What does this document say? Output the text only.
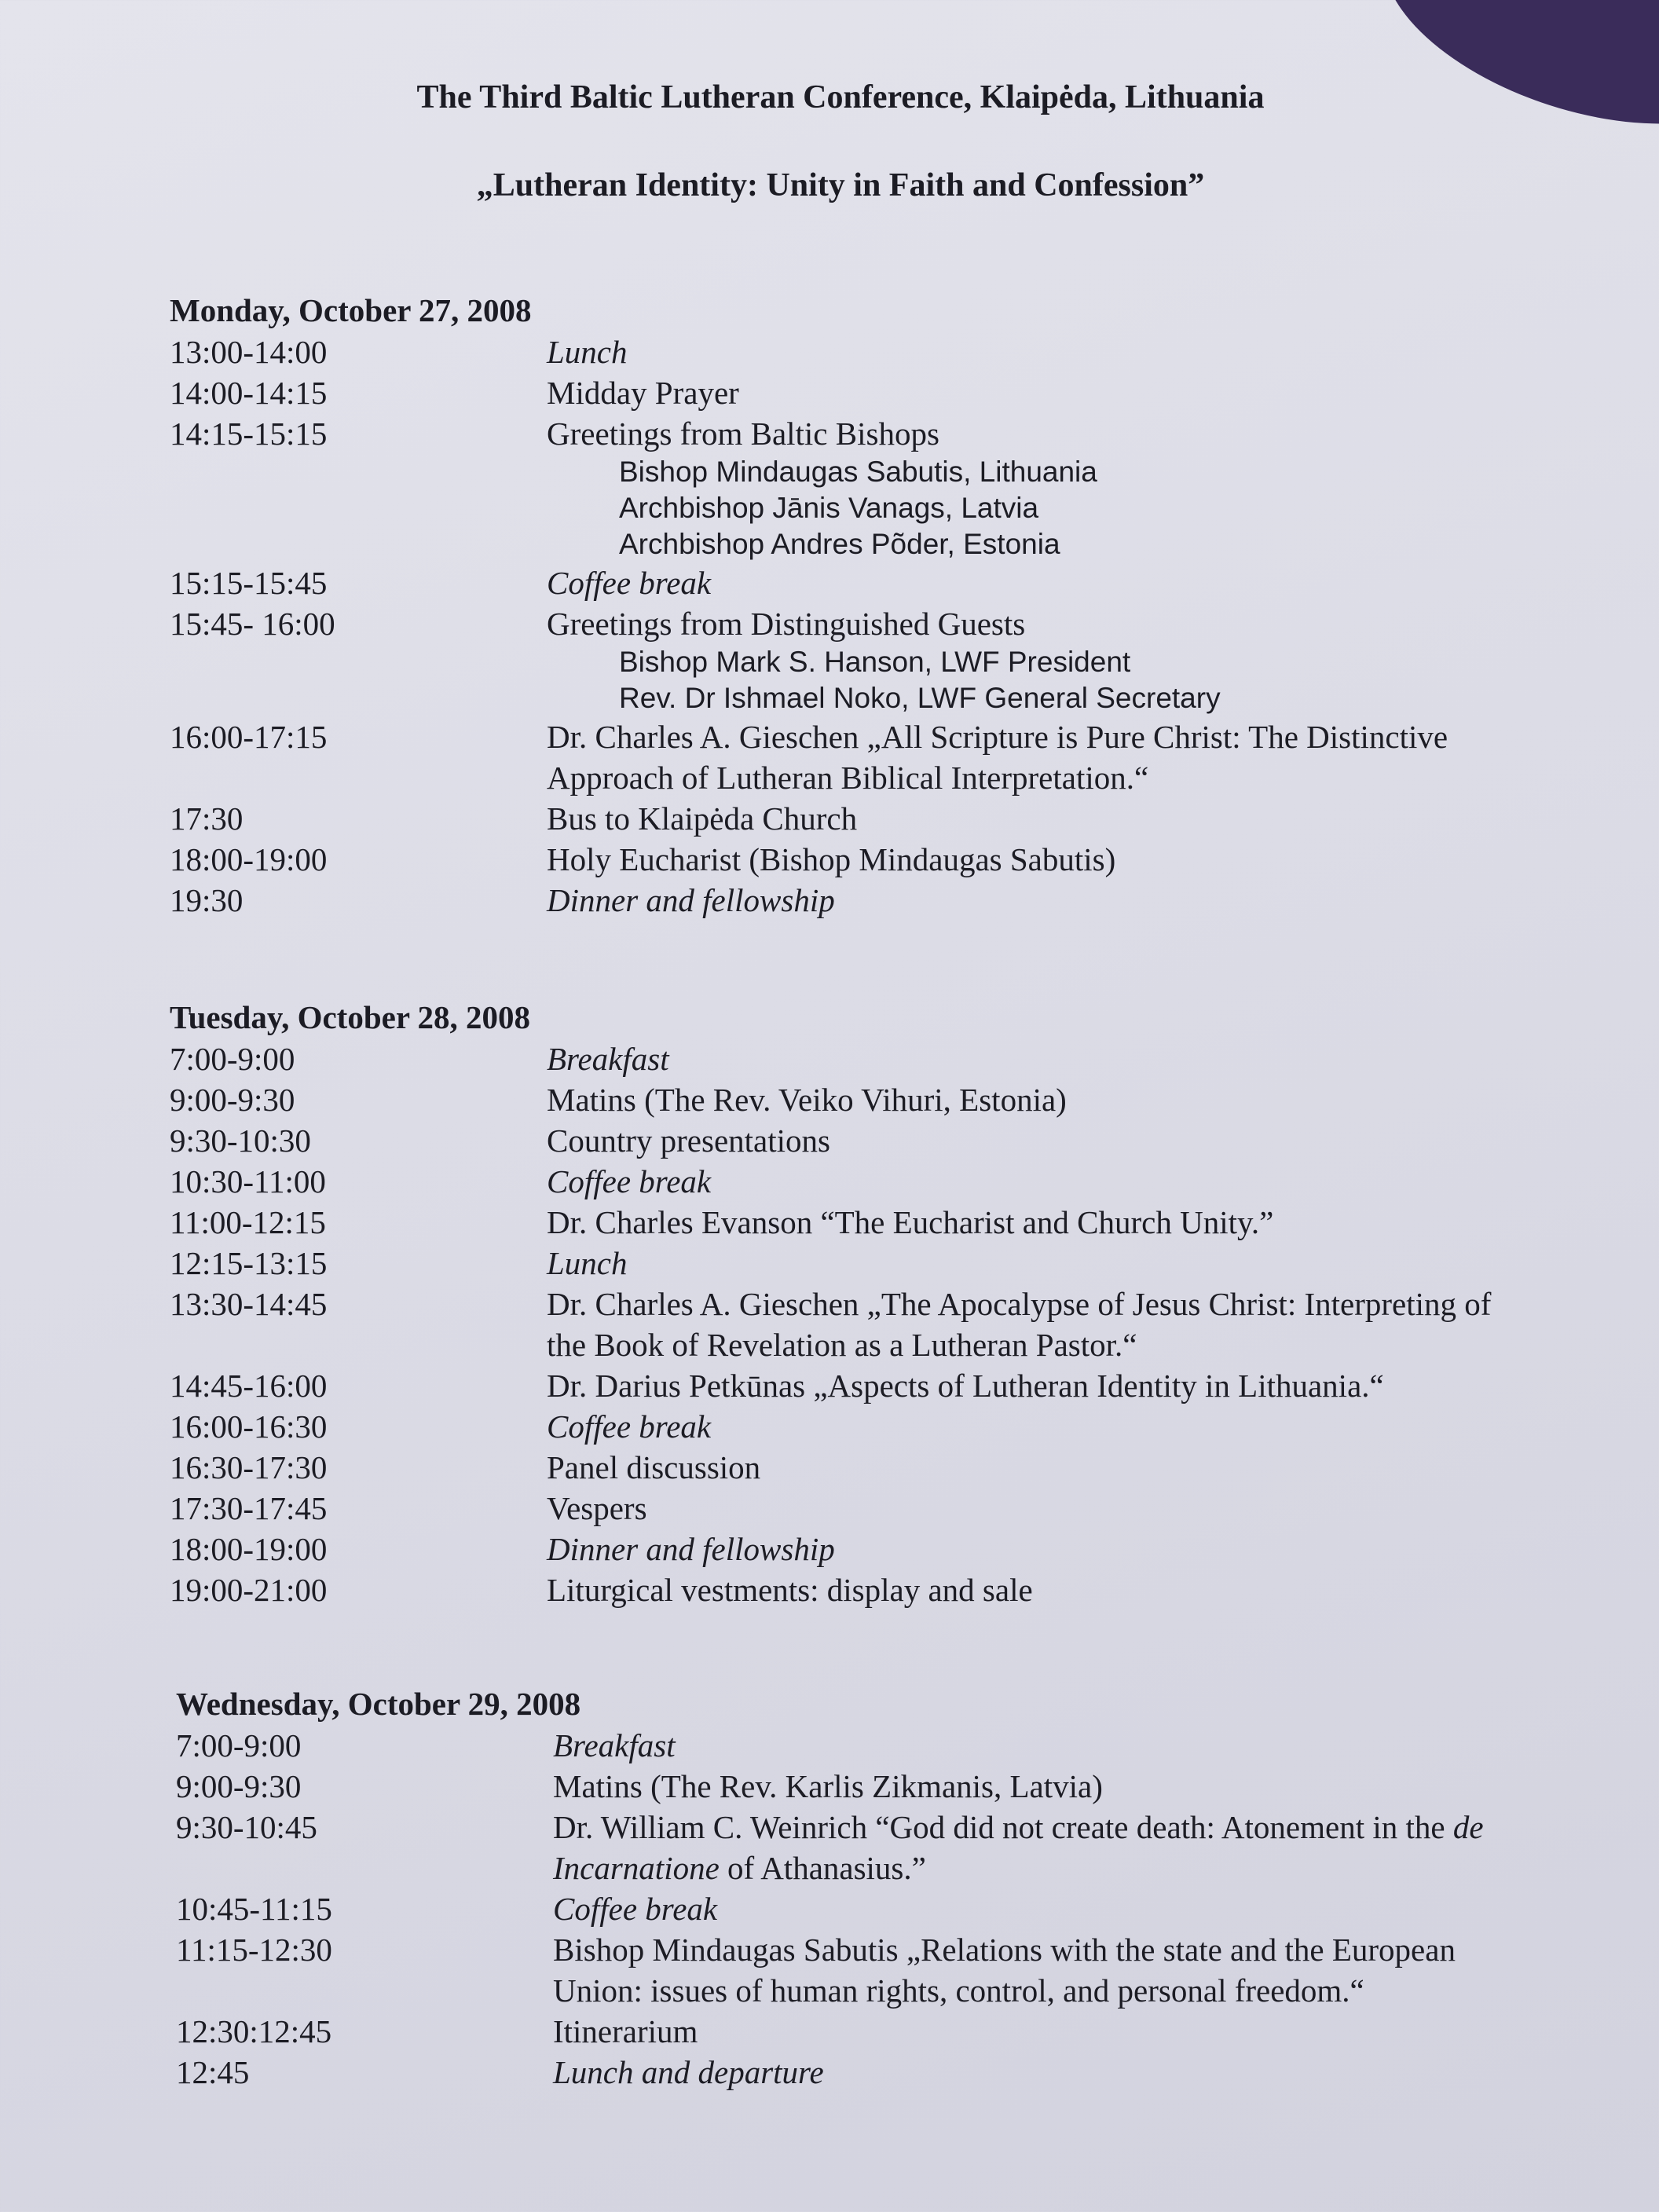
The Third Baltic Lutheran Conference, Klaipėda, Lithuania
„Lutheran Identity: Unity in Faith and Confession”
Monday, October 27, 2008
13:00-14:00	Lunch
14:00-14:15	Midday Prayer
14:15-15:15	Greetings from Baltic Bishops
Bishop Mindaugas Sabutis, Lithuania
Archbishop Jānis Vanags, Latvia
Archbishop Andres Põder, Estonia
15:15-15:45	Coffee break
15:45- 16:00	Greetings from Distinguished Guests
Bishop Mark S. Hanson, LWF President
Rev. Dr Ishmael Noko, LWF General Secretary
16:00-17:15	Dr. Charles A. Gieschen „All Scripture is Pure Christ: The Distinctive Approach of Lutheran Biblical Interpretation.“
17:30	Bus to Klaipėda Church
18:00-19:00	Holy Eucharist (Bishop Mindaugas Sabutis)
19:30	Dinner and fellowship
Tuesday, October 28, 2008
7:00-9:00	Breakfast
9:00-9:30	Matins (The Rev. Veiko Vihuri, Estonia)
9:30-10:30	Country presentations
10:30-11:00	Coffee break
11:00-12:15	Dr. Charles Evanson “The Eucharist and Church Unity.”
12:15-13:15	Lunch
13:30-14:45	Dr. Charles A. Gieschen „The Apocalypse of Jesus Christ: Interpreting of the Book of Revelation as a Lutheran Pastor.“
14:45-16:00	Dr. Darius Petkūnas „Aspects of Lutheran Identity in Lithuania.“
16:00-16:30	Coffee break
16:30-17:30	Panel discussion
17:30-17:45	Vespers
18:00-19:00	Dinner and fellowship
19:00-21:00	Liturgical vestments: display and sale
Wednesday, October 29, 2008
7:00-9:00	Breakfast
9:00-9:30	Matins (The Rev. Karlis Zikmanis, Latvia)
9:30-10:45	Dr. William C. Weinrich “God did not create death: Atonement in the de Incarnatione of Athanasius.”
10:45-11:15	Coffee break
11:15-12:30	Bishop Mindaugas Sabutis „Relations with the state and the European Union: issues of human rights, control, and personal freedom.“
12:30:12:45	Itinerarium
12:45	Lunch and departure
